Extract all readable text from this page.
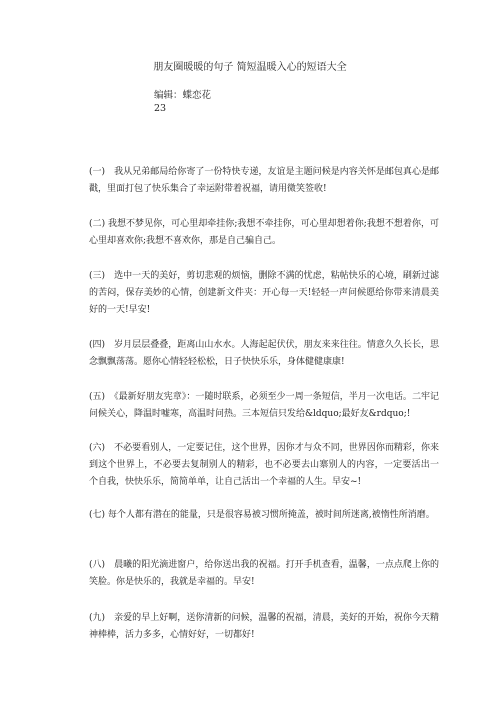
朋友圈暖暖的句子 简短温暖入心的短语大全
编辑：蝶恋花
23

(一)　我从兄弟邮局给你寄了一份特快专递，友谊是主题问候是内容关怀是邮包真心是邮戳，里面打包了快乐集合了幸运附带着祝福，请用微笑签收!

(二) 我想不梦见你，可心里却牵挂你;我想不牵挂你，可心里却想着你;我想不想着你，可心里却喜欢你;我想不喜欢你，那是自己骗自己。

(三)　选中一天的美好，剪切悲观的烦恼，删除不满的忧虑，粘帖快乐的心境，刷新过滤的苦闷，保存美妙的心情，创建新文件夹：开心每一天!轻轻一声问候愿给你带来清晨美好的一天!早安!

(四)　岁月层层叠叠，距离山山水水。人海起起伏伏，朋友来来往往。情意久久长长，思念飘飘荡荡。愿你心情轻轻松松，日子快快乐乐，身体健健康康!

(五)　《最新好朋友宪章》：一随时联系，必须至少一周一条短信，半月一次电话。二牢记问候关心，降温时嘘寒，高温时问热。三本短信只发给&ldquo;最好友&rdquo;!

(六)　不必要看别人，一定要记住，这个世界，因你才与众不同，世界因你而精彩，你来到这个世界上，不必要去复制别人的精彩，也不必要去山寨别人的内容，一定要活出一个自我，快快乐乐，简简单单，让自己活出一个幸福的人生。早安~!

(七) 每个人都有潜在的能量，只是很容易被习惯所掩盖，被时间所迷离,被惰性所消磨。

(八)　晨曦的阳光滴进窗户，给你送出我的祝福。打开手机查看，温馨，一点点爬上你的笑脸。你是快乐的，我就是幸福的。早安!

(九)　亲爱的早上好啊，送你清新的问候，温馨的祝福，清晨，美好的开始，祝你今天精神棒棒，活力多多，心情好好，一切都好!
